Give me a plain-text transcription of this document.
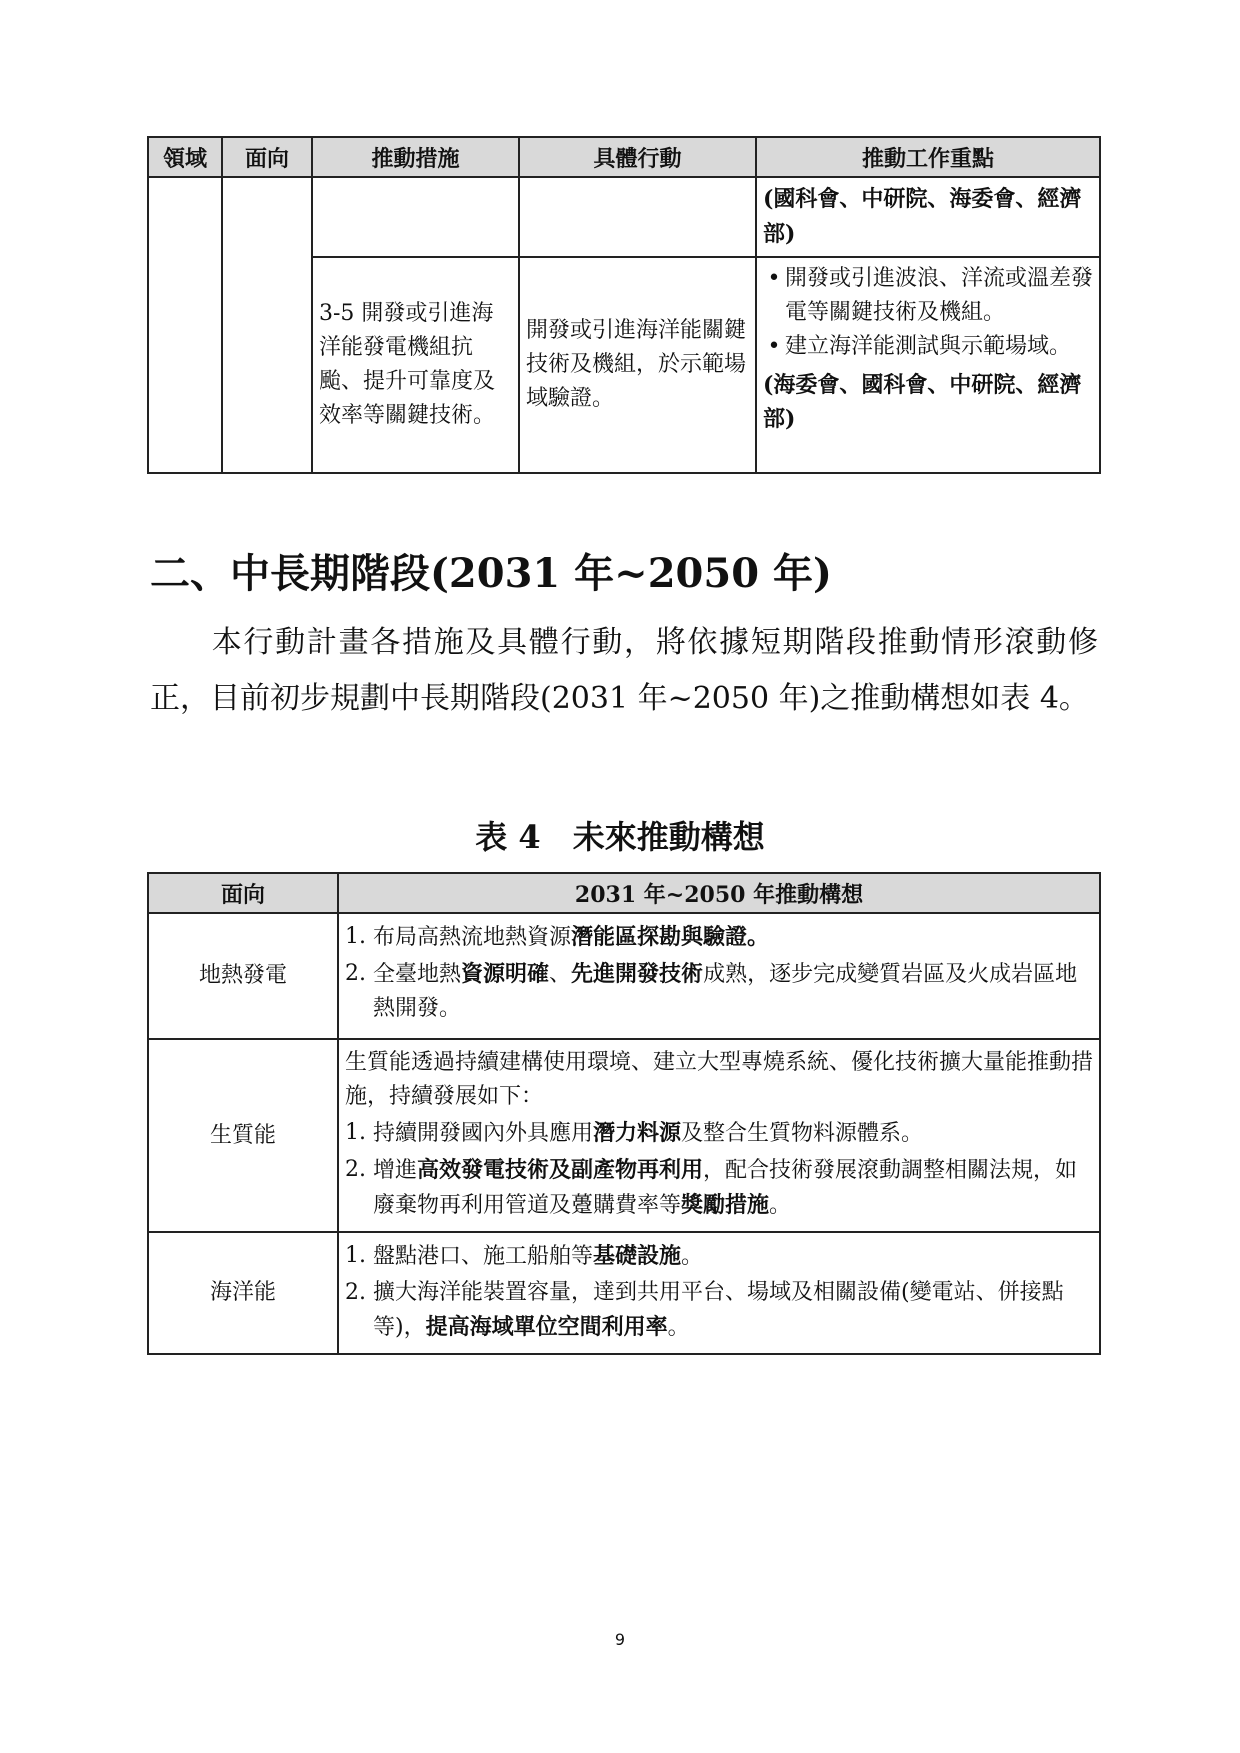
領域	面向	推動措施	具體行動	推動工作重點
				(國科會、中研院、海委會、經濟部)
		3-5 開發或引進海洋能發電機組抗颱、提升可靠度及效率等關鍵技術。	開發或引進海洋能關鍵技術及機組，於示範場域驗證。	• 開發或引進波浪、洋流或溫差發電等關鍵技術及機組。
• 建立海洋能測試與示範場域。
(海委會、國科會、中研院、經濟部)
二、中長期階段(2031 年~2050 年)

本行動計畫各措施及具體行動，將依據短期階段推動情形滾動修正，目前初步規劃中長期階段(2031 年~2050 年)之推動構想如表 4。

表 4　未來推動構想
面向	2031 年~2050 年推動構想
地熱發電	1. 布局高熱流地熱資源潛能區探勘與驗證。
2. 全臺地熱資源明確、先進開發技術成熟，逐步完成變質岩區及火成岩區地熱開發。

生質能	生質能透過持續建構使用環境、建立大型專燒系統、優化技術擴大量能推動措施，持續發展如下：
1. 持續開發國內外具應用潛力料源及整合生質物料源體系。
2. 增進高效發電技術及副產物再利用，配合技術發展滾動調整相關法規，如廢棄物再利用管道及躉購費率等獎勵措施。

海洋能	1. 盤點港口、施工船舶等基礎設施。
2. 擴大海洋能裝置容量，達到共用平台、場域及相關設備(變電站、併接點等)，提高海域單位空間利用率。
9
